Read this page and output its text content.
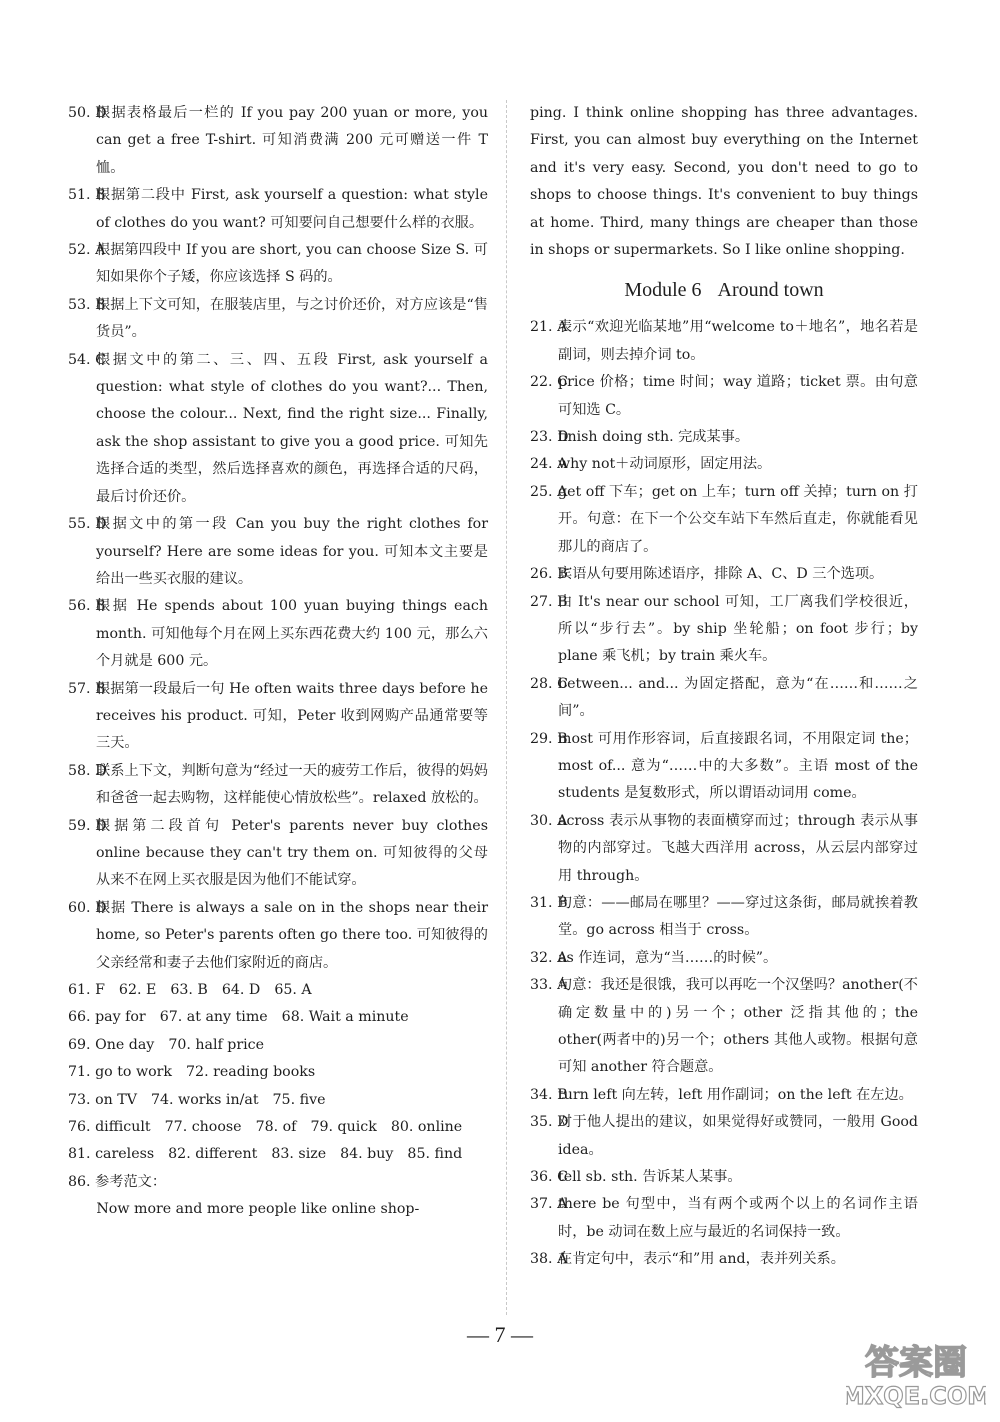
50. D
根据表格最后一栏的 If you pay 200 yuan or more, you can get a free T-shirt. 可知消费满 200 元可赠送一件 T 恤。
51. B
根据第二段中 First, ask yourself a question: what style of clothes do you want? 可知要问自己想要什么样的衣服。
52. A
根据第四段中 If you are short, you can choose Size S. 可知如果你个子矮，你应该选择 S 码的。
53. B
根据上下文可知，在服装店里，与之讨价还价，对方应该是“售货员”。
54. C
根据文中的第二、三、四、五段 First, ask yourself a question: what style of clothes do you want?... Then, choose the colour... Next, find the right size... Finally, ask the shop assistant to give you a good price. 可知先选择合适的类型，然后选择喜欢的颜色，再选择合适的尺码，最后讨价还价。
55. D
根据文中的第一段 Can you buy the right clothes for yourself? Here are some ideas for you. 可知本文主要是给出一些买衣服的建议。
56. B
根据 He spends about 100 yuan buying things each month. 可知他每个月在网上买东西花费大约 100 元，那么六个月就是 600 元。
57. B
根据第一段最后一句 He often waits three days before he receives his product. 可知，Peter 收到网购产品通常要等三天。
58. D
联系上下文，判断句意为“经过一天的疲劳工作后，彼得的妈妈和爸爸一起去购物，这样能使心情放松些”。relaxed 放松的。
59. D
根据第二段首句 Peter's parents never buy clothes online because they can't try them on. 可知彼得的父母从来不在网上买衣服是因为他们不能试穿。
60. D
根据 There is always a sale on in the shops near their home, so Peter's parents often go there too. 可知彼得的父亲经常和妻子去他们家附近的商店。
61. F 62. E 63. B 64. D 65. A
66. pay for 67. at any time 68. Wait a minute
69. One day 70. half price
71. go to work 72. reading books
73. on TV 74. works in/at 75. five
76. difficult 77. choose 78. of 79. quick 80. online
81. careless 82. different 83. size 84. buy 85. find
86. 参考范文：
Now more and more people like online shop-
ping. I think online shopping has three advantages. First, you can almost buy everything on the Internet and it's very easy. Second, you don't need to go to shops to choose things. It's convenient to buy things at home. Third, many things are cheaper than those in shops or supermarkets. So I like online shopping.
Module 6 Around town
21. A
表示“欢迎光临某地”用“welcome to＋地名”，地名若是副词，则去掉介词 to。
22. C
price 价格；time 时间；way 道路；ticket 票。由句意可知选 C。
23. D
finish doing sth. 完成某事。
24. A
why not＋动词原形，固定用法。
25. A
get off 下车；get on 上车；turn off 关掉；turn on 打开。句意：在下一个公交车站下车然后直走，你就能看见那儿的商店了。
26. B
宾语从句要用陈述语序，排除 A、C、D 三个选项。
27. B
由 It's near our school 可知，工厂离我们学校很近，所以“步行去”。by ship 坐轮船；on foot 步行；by plane 乘飞机；by train 乘火车。
28. C
between... and... 为固定搭配，意为“在……和……之间”。
29. B
most 可用作形容词，后直接跟名词，不用限定词 the；most of... 意为“……中的大多数”。主语 most of the students 是复数形式，所以谓语动词用 come。
30. A
across 表示从事物的表面横穿而过；through 表示从事物的内部穿过。飞越大西洋用 across，从云层内部穿过用 through。
31. B
句意：——邮局在哪里？——穿过这条街，邮局就挨着教堂。go across 相当于 cross。
32. A
as 作连词，意为“当……的时候”。
33. A
句意：我还是很饿，我可以再吃一个汉堡吗？another(不确定数量中的)另一个；other 泛指其他的；the other(两者中的)另一个；others 其他人或物。根据句意可知 another 符合题意。
34. B
turn left 向左转，left 用作副词；on the left 在左边。
35. D
对于他人提出的建议，如果觉得好或赞同，一般用 Good idea。
36. C
tell sb. sth. 告诉某人某事。
37. A
there be 句型中，当有两个或两个以上的名词作主语时，be 动词在数上应与最近的名词保持一致。
38. A
在肯定句中，表示“和”用 and，表并列关系。
— 7 —
答案圈
MXQE.COM
